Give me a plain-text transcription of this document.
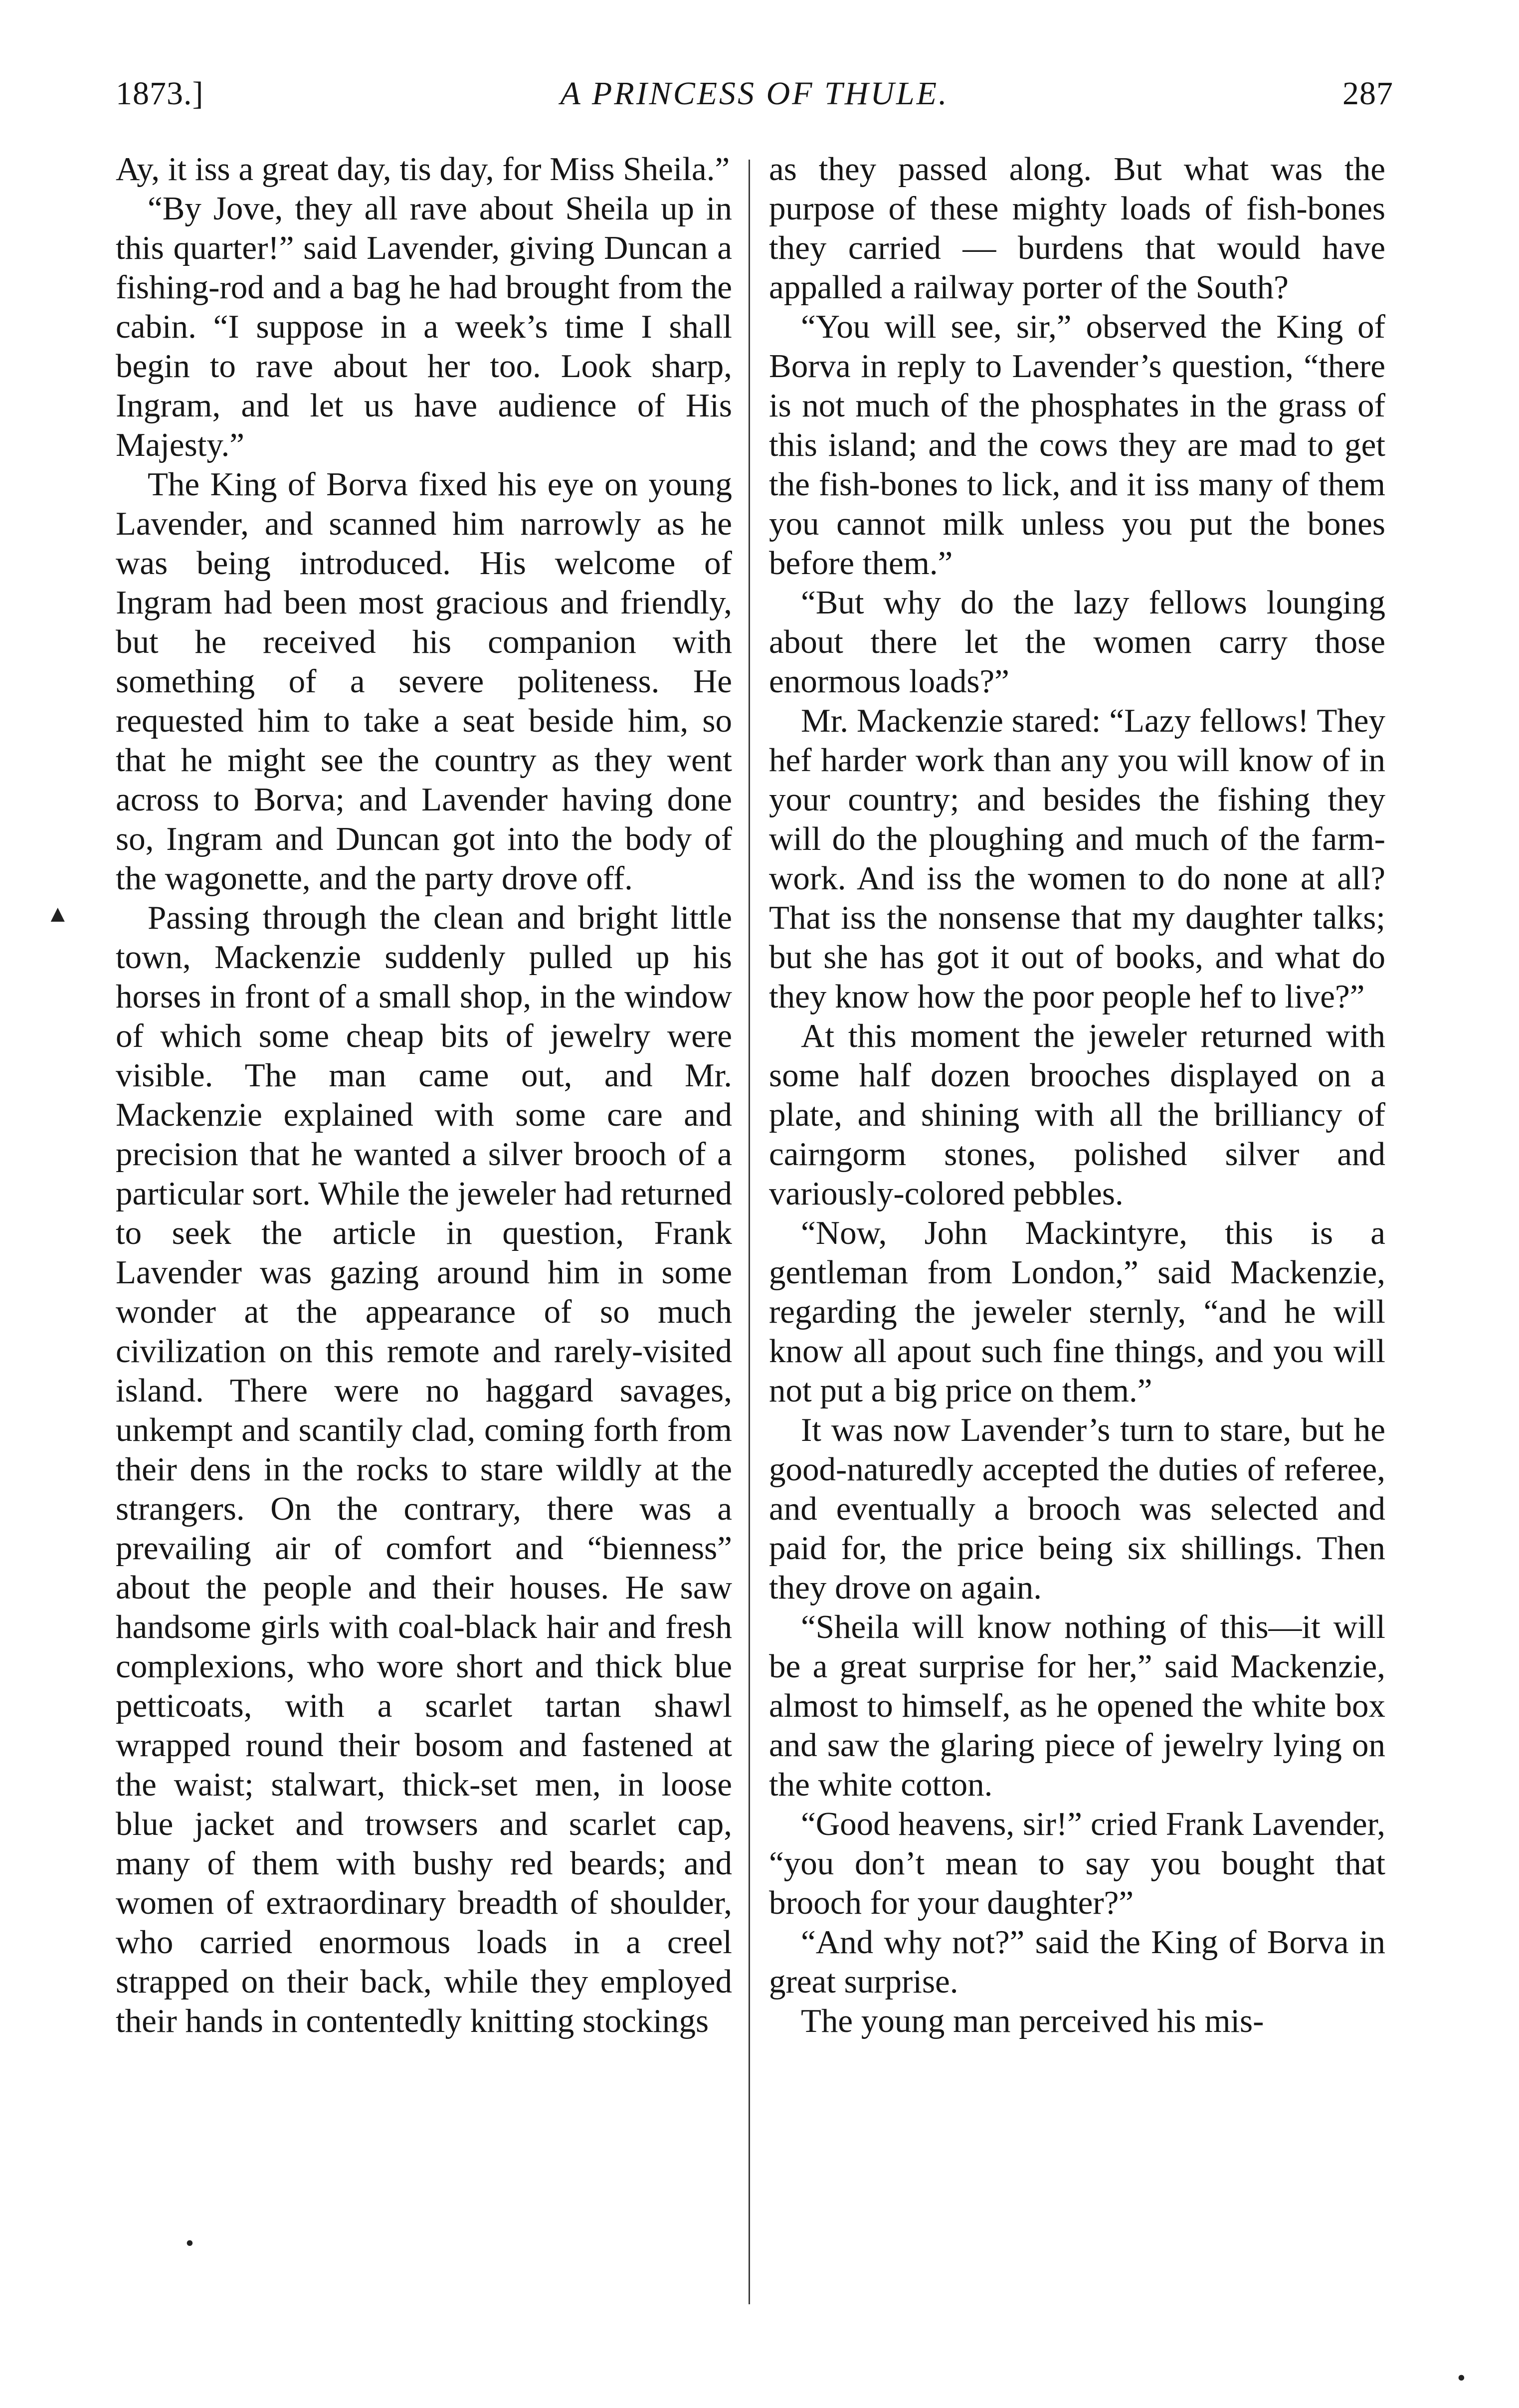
1873.]	A PRINCESS OF THULE.	287

Ay, it iss a great day, tis day, for Miss Sheila.”

“By Jove, they all rave about Sheila up in this quarter!” said Lavender, giving Duncan a fishing-rod and a bag he had brought from the cabin. “I suppose in a week’s time I shall begin to rave about her too. Look sharp, Ingram, and let us have audience of His Majesty.”

The King of Borva fixed his eye on young Lavender, and scanned him narrowly as he was being introduced. His welcome of Ingram had been most gracious and friendly, but he received his companion with something of a severe politeness. He requested him to take a seat beside him, so that he might see the country as they went across to Borva; and Lavender having done so, Ingram and Duncan got into the body of the wagonette, and the party drove off.

Passing through the clean and bright little town, Mackenzie suddenly pulled up his horses in front of a small shop, in the window of which some cheap bits of jewelry were visible. The man came out, and Mr. Mackenzie explained with some care and precision that he wanted a silver brooch of a particular sort. While the jeweler had returned to seek the article in question, Frank Lavender was gazing around him in some wonder at the appearance of so much civilization on this remote and rarely-visited island. There were no haggard savages, unkempt and scantily clad, coming forth from their dens in the rocks to stare wildly at the strangers. On the contrary, there was a prevailing air of comfort and “bienness” about the people and their houses. He saw handsome girls with coal-black hair and fresh complexions, who wore short and thick blue petticoats, with a scarlet tartan shawl wrapped round their bosom and fastened at the waist; stalwart, thick-set men, in loose blue jacket and trowsers and scarlet cap, many of them with bushy red beards; and women of extraordinary breadth of shoulder, who carried enormous loads in a creel strapped on their back, while they employed their hands in contentedly knitting stockings

as they passed along. But what was the purpose of these mighty loads of fish-bones they carried — burdens that would have appalled a railway porter of the South?

“You will see, sir,” observed the King of Borva in reply to Lavender’s question, “there is not much of the phosphates in the grass of this island; and the cows they are mad to get the fish-bones to lick, and it iss many of them you cannot milk unless you put the bones before them.”

“But why do the lazy fellows lounging about there let the women carry those enormous loads?”

Mr. Mackenzie stared: “Lazy fellows! They hef harder work than any you will know of in your country; and besides the fishing they will do the ploughing and much of the farm-work. And iss the women to do none at all? That iss the nonsense that my daughter talks; but she has got it out of books, and what do they know how the poor people hef to live?”

At this moment the jeweler returned with some half dozen brooches displayed on a plate, and shining with all the brilliancy of cairngorm stones, polished silver and variously-colored pebbles.

“Now, John Mackintyre, this is a gentleman from London,” said Mackenzie, regarding the jeweler sternly, “and he will know all apout such fine things, and you will not put a big price on them.”

It was now Lavender’s turn to stare, but he good-naturedly accepted the duties of referee, and eventually a brooch was selected and paid for, the price being six shillings. Then they drove on again.

“Sheila will know nothing of this—it will be a great surprise for her,” said Mackenzie, almost to himself, as he opened the white box and saw the glaring piece of jewelry lying on the white cotton.

“Good heavens, sir!” cried Frank Lavender, “you don’t mean to say you bought that brooch for your daughter?”

“And why not?” said the King of Borva in great surprise.

The young man perceived his mis-

▲
•
•
